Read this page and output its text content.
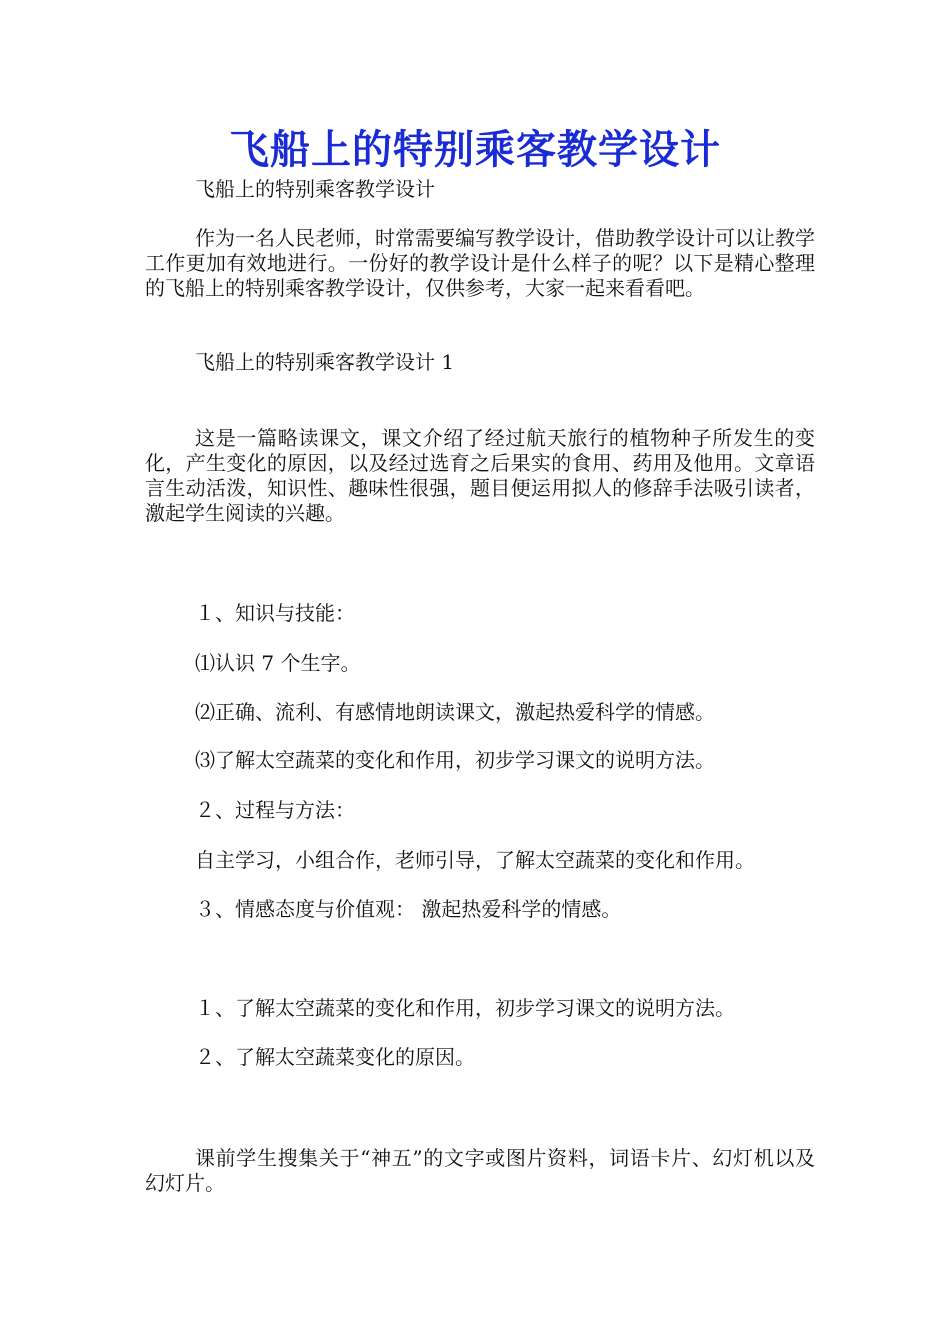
飞船上的特别乘客教学设计
飞船上的特别乘客教学设计
作为一名人民老师，时常需要编写教学设计，借助教学设计可以让教学工作更加有效地进行。一份好的教学设计是什么样子的呢？以下是精心整理的飞船上的特别乘客教学设计，仅供参考，大家一起来看看吧。
飞船上的特别乘客教学设计 1
这是一篇略读课文，课文介绍了经过航天旅行的植物种子所发生的变化，产生变化的原因，以及经过选育之后果实的食用、药用及他用。文章语言生动活泼，知识性、趣味性很强，题目便运用拟人的修辞手法吸引读者，激起学生阅读的兴趣。
１、知识与技能：
⑴认识 7 个生字。
⑵正确、流利、有感情地朗读课文，激起热爱科学的情感。
⑶了解太空蔬菜的变化和作用，初步学习课文的说明方法。
２、过程与方法：
自主学习，小组合作，老师引导，了解太空蔬菜的变化和作用。
３、情感态度与价值观： 激起热爱科学的情感。
１、了解太空蔬菜的变化和作用，初步学习课文的说明方法。
２、了解太空蔬菜变化的原因。
课前学生搜集关于“神五”的文字或图片资料，词语卡片、幻灯机以及幻灯片。
